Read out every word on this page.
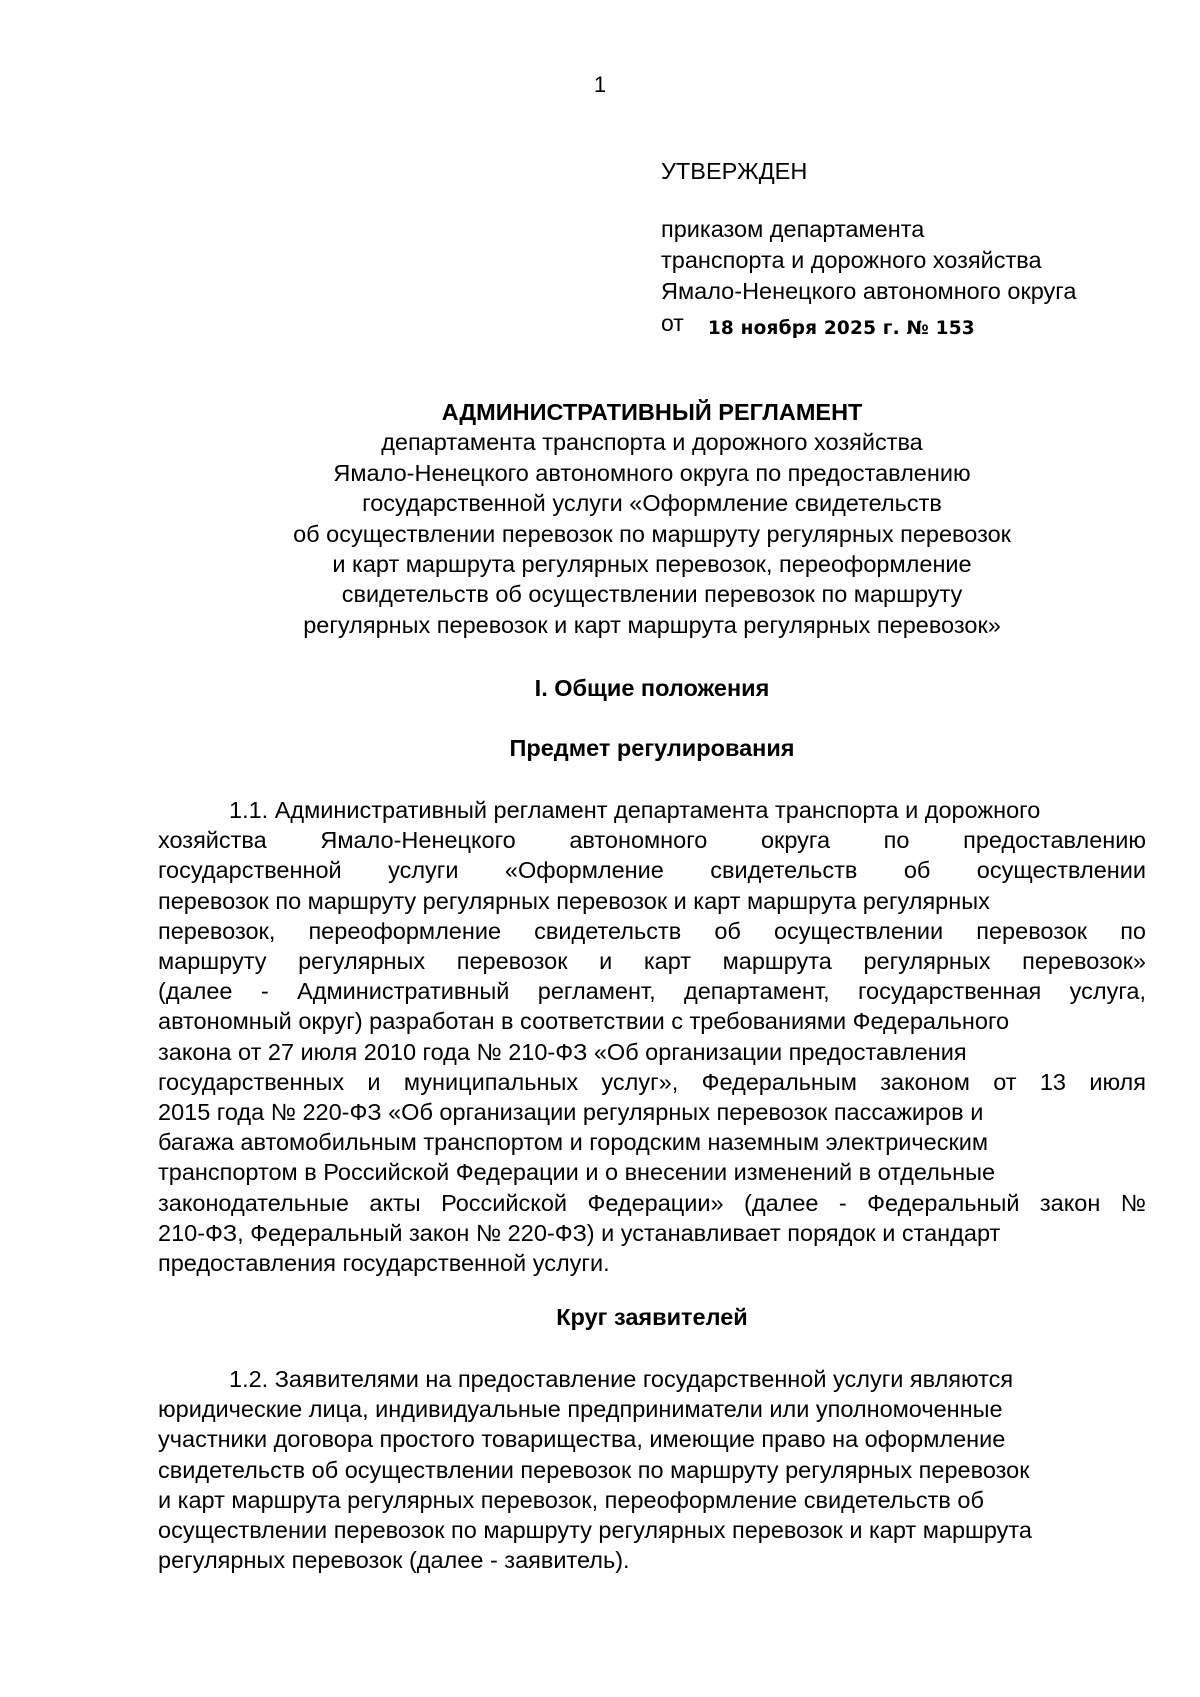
1
УТВЕРЖДЕН
приказом департамента
транспорта и дорожного хозяйства
Ямало-Ненецкого автономного округа
от 18 ноября 2025 г. № 153
АДМИНИСТРАТИВНЫЙ РЕГЛАМЕНТ
департамента транспорта и дорожного хозяйства
Ямало-Ненецкого автономного округа по предоставлению
государственной услуги «Оформление свидетельств
об осуществлении перевозок по маршруту регулярных перевозок
и карт маршрута регулярных перевозок, переоформление
свидетельств об осуществлении перевозок по маршруту
регулярных перевозок и карт маршрута регулярных перевозок»
I. Общие положения
Предмет регулирования
1.1. Административный регламент департамента транспорта и дорожного
хозяйства Ямало-Ненецкого автономного округа по предоставлению
государственной услуги «Оформление свидетельств об осуществлении
перевозок по маршруту регулярных перевозок и карт маршрута регулярных
перевозок, переоформление свидетельств об осуществлении перевозок по
маршруту регулярных перевозок и карт маршрута регулярных перевозок»
(далее - Административный регламент, департамент, государственная услуга,
автономный округ) разработан в соответствии с требованиями Федерального
закона от 27 июля 2010 года № 210-ФЗ «Об организации предоставления
государственных и муниципальных услуг», Федеральным законом от 13 июля
2015 года № 220-ФЗ «Об организации регулярных перевозок пассажиров и
багажа автомобильным транспортом и городским наземным электрическим
транспортом в Российской Федерации и о внесении изменений в отдельные
законодательные акты Российской Федерации» (далее - Федеральный закон №
210-ФЗ, Федеральный закон № 220-ФЗ) и устанавливает порядок и стандарт
предоставления государственной услуги.
Круг заявителей
1.2. Заявителями на предоставление государственной услуги являются
юридические лица, индивидуальные предприниматели или уполномоченные
участники договора простого товарищества, имеющие право на оформление
свидетельств об осуществлении перевозок по маршруту регулярных перевозок
и карт маршрута регулярных перевозок, переоформление свидетельств об
осуществлении перевозок по маршруту регулярных перевозок и карт маршрута
регулярных перевозок (далее - заявитель).
